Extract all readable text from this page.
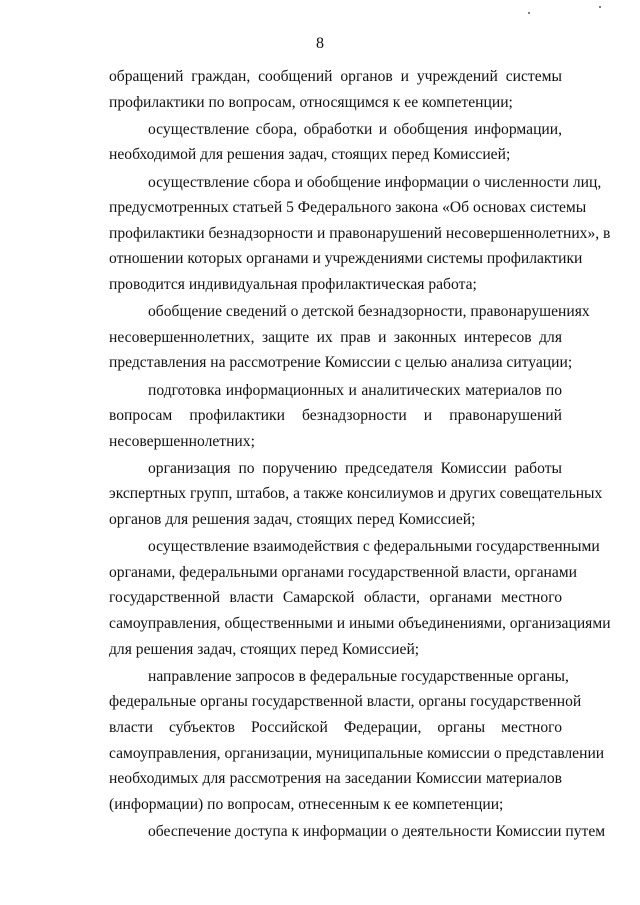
8
обращений граждан, сообщений органов и учреждений системы
профилактики по вопросам, относящимся к ее компетенции;
осуществление сбора, обработки и обобщения информации,
необходимой для решения задач, стоящих перед Комиссией;
осуществление сбора и обобщение информации о численности лиц,
предусмотренных статьей 5 Федерального закона «Об основах системы
профилактики безнадзорности и правонарушений несовершеннолетних», в
отношении которых органами и учреждениями системы профилактики
проводится индивидуальная профилактическая работа;
обобщение сведений о детской безнадзорности, правонарушениях
несовершеннолетних, защите их прав и законных интересов для
представления на рассмотрение Комиссии с целью анализа ситуации;
подготовка информационных и аналитических материалов по
вопросам профилактики безнадзорности и правонарушений
несовершеннолетних;
организация по поручению председателя Комиссии работы
экспертных групп, штабов, а также консилиумов и других совещательных
органов для решения задач, стоящих перед Комиссией;
осуществление взаимодействия с федеральными государственными
органами, федеральными органами государственной власти, органами
государственной власти Самарской области, органами местного
самоуправления, общественными и иными объединениями, организациями
для решения задач, стоящих перед Комиссией;
направление запросов в федеральные государственные органы,
федеральные органы государственной власти, органы государственной
власти субъектов Российской Федерации, органы местного
самоуправления, организации, муниципальные комиссии о представлении
необходимых для рассмотрения на заседании Комиссии материалов
(информации) по вопросам, отнесенным к ее компетенции;
обеспечение доступа к информации о деятельности Комиссии путем
